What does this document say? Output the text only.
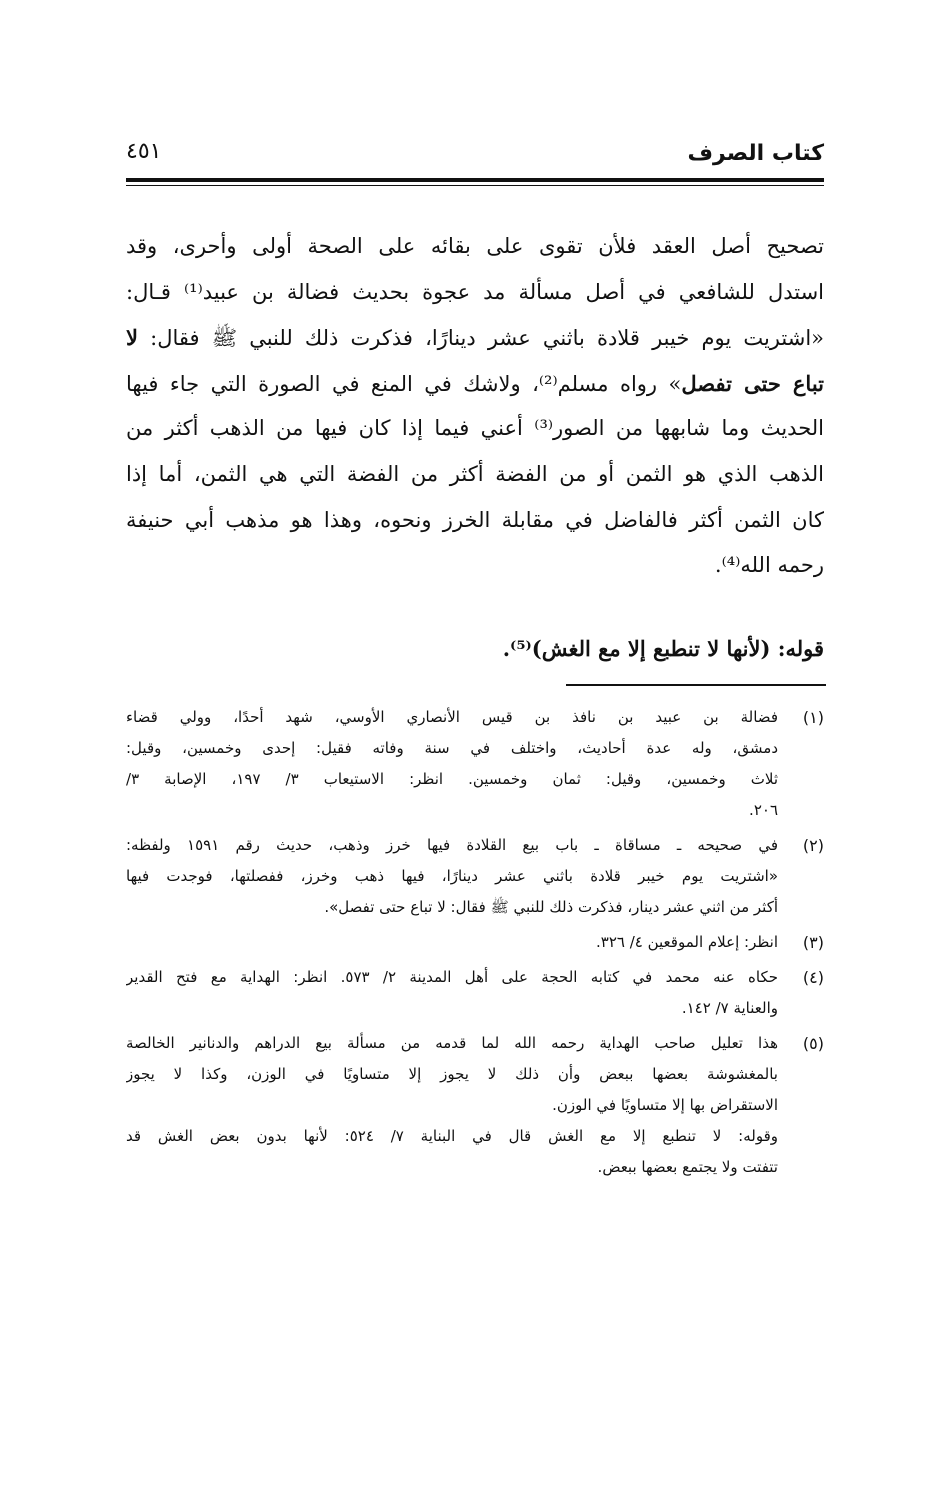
كتاب الصرف
٤٥١
تصحيح أصل العقد فلأن تقوى على بقائه على الصحة أولى وأحرى، وقد
استدل للشافعي في أصل مسألة مد عجوة بحديث فضالة بن عبيد⁽¹⁾ قـال:
«اشتريت يوم خيبر قلادة باثني عشر دينارًا، فذكرت ذلك للنبي ﷺ فقال: لا
تباع حتى تفصل» رواه مسلم⁽²⁾، ولاشك في المنع في الصورة التي جاء فيها
الحديث وما شابهها من الصور⁽³⁾ أعني فيما إذا كان فيها من الذهب أكثر من
الذهب الذي هو الثمن أو من الفضة أكثر من الفضة التي هي الثمن، أما إذا
كان الثمن أكثر فالفاضل في مقابلة الخرز ونحوه، وهذا هو مذهب أبي حنيفة
رحمه الله⁽⁴⁾.
قوله: (لأنها لا تنطبع إلا مع الغش)⁽⁵⁾.
(١)
فضالة بن عبيد بن نافذ بن قيس الأنصاري الأوسي، شهد أحدًا، وولي قضاء
دمشق، وله عدة أحاديث، واختلف في سنة وفاته فقيل: إحدى وخمسين، وقيل:
ثلاث وخمسين، وقيل: ثمان وخمسين. انظر: الاستيعاب ٣/ ١٩٧، الإصابة ٣/
٢٠٦.
(٢)
في صحيحه ـ مساقاة ـ باب بيع القلادة فيها خرز وذهب، حديث رقم ١٥٩١ ولفظه:
«اشتريت يوم خيبر قلادة باثني عشر دينارًا، فيها ذهب وخرز، ففصلتها، فوجدت فيها
أكثر من اثني عشر دينار، فذكرت ذلك للنبي ﷺ فقال: لا تباع حتى تفصل».
(٣)
انظر: إعلام الموقعين ٤/ ٣٢٦.
(٤)
حكاه عنه محمد في كتابه الحجة على أهل المدينة ٢/ ٥٧٣. انظر: الهداية مع فتح القدير
والعناية ٧/ ١٤٢.
(٥)
هذا تعليل صاحب الهداية رحمه الله لما قدمه من مسألة بيع الدراهم والدنانير الخالصة
بالمغشوشة بعضها ببعض وأن ذلك لا يجوز إلا متساويًا في الوزن، وكذا لا يجوز
الاستقراض بها إلا متساويًا في الوزن.
وقوله: لا تنطبع إلا مع الغش قال في البناية ٧/ ٥٢٤: لأنها بدون بعض الغش قد
تتفتت ولا يجتمع بعضها ببعض.
